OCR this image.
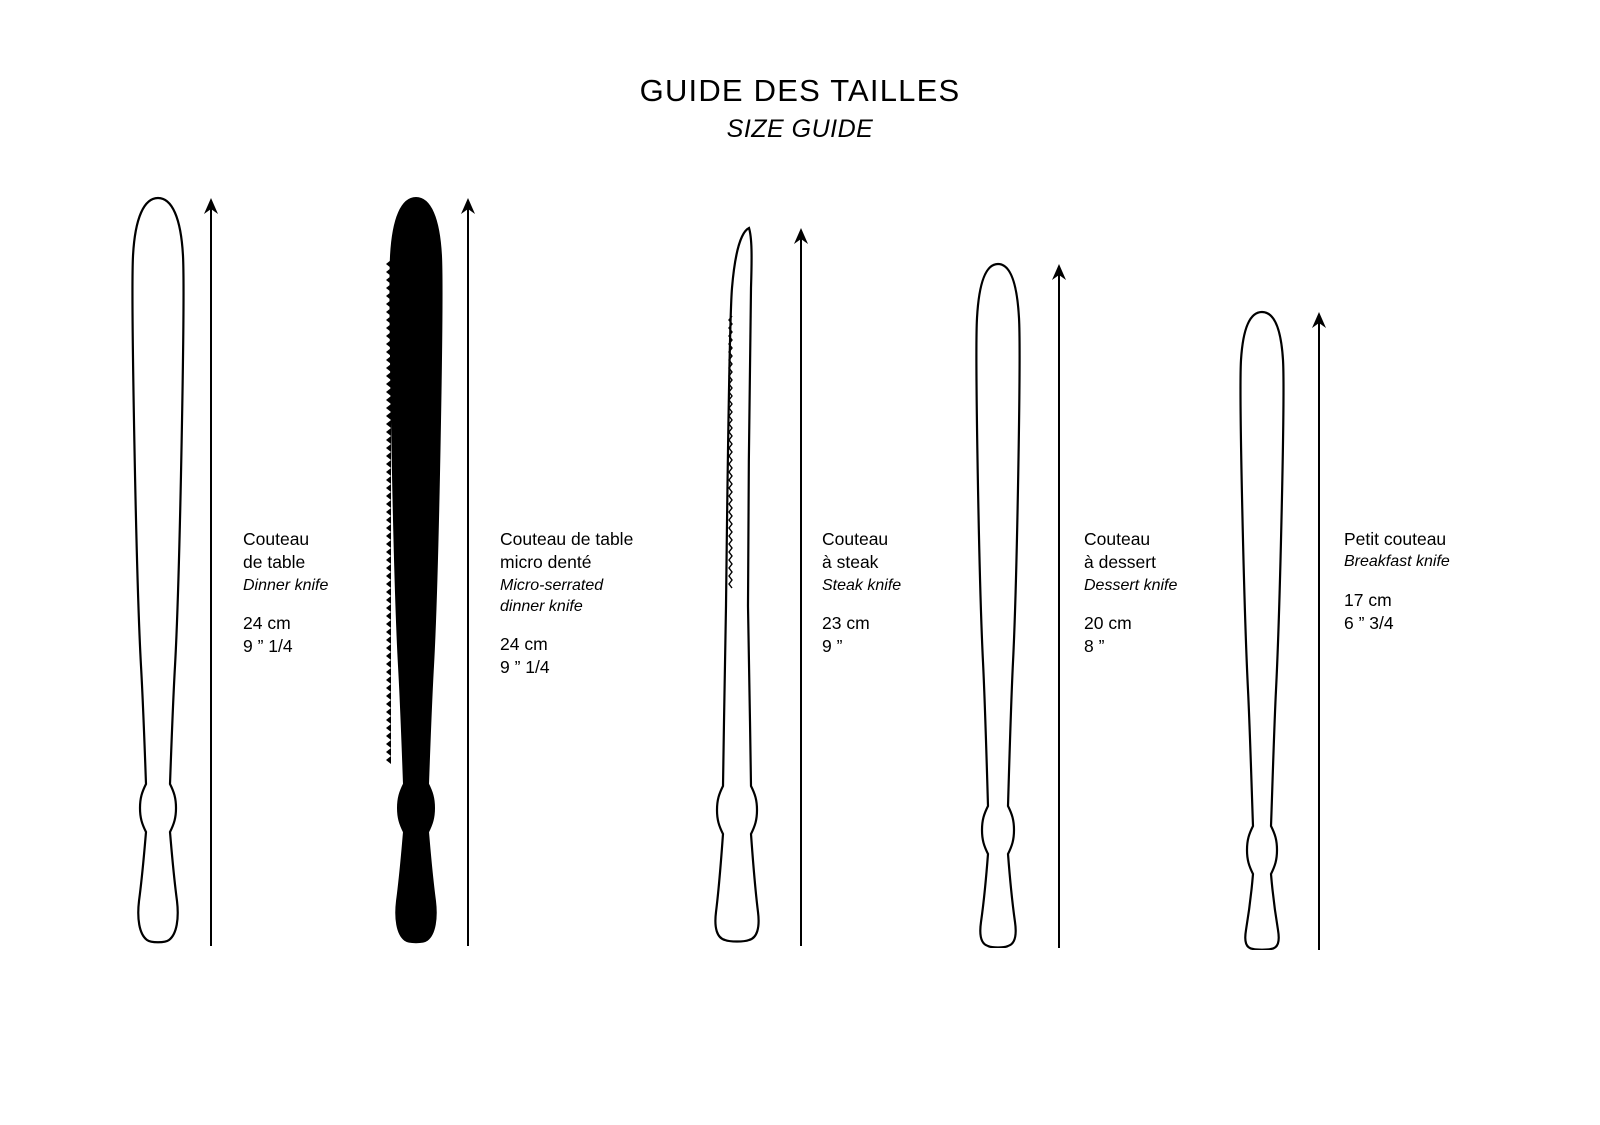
GUIDE DES TAILLES
SIZE GUIDE
Couteau
de table
Dinner knife
24 cm
9 ” 1/4
Couteau de table
micro denté
Micro-serrated
dinner knife
24 cm
9 ” 1/4
Couteau
à steak
Steak knife
23 cm
9 ”
Couteau
à dessert
Dessert knife
20 cm
8 ”
Petit couteau
Breakfast knife
17 cm
6 ” 3/4
